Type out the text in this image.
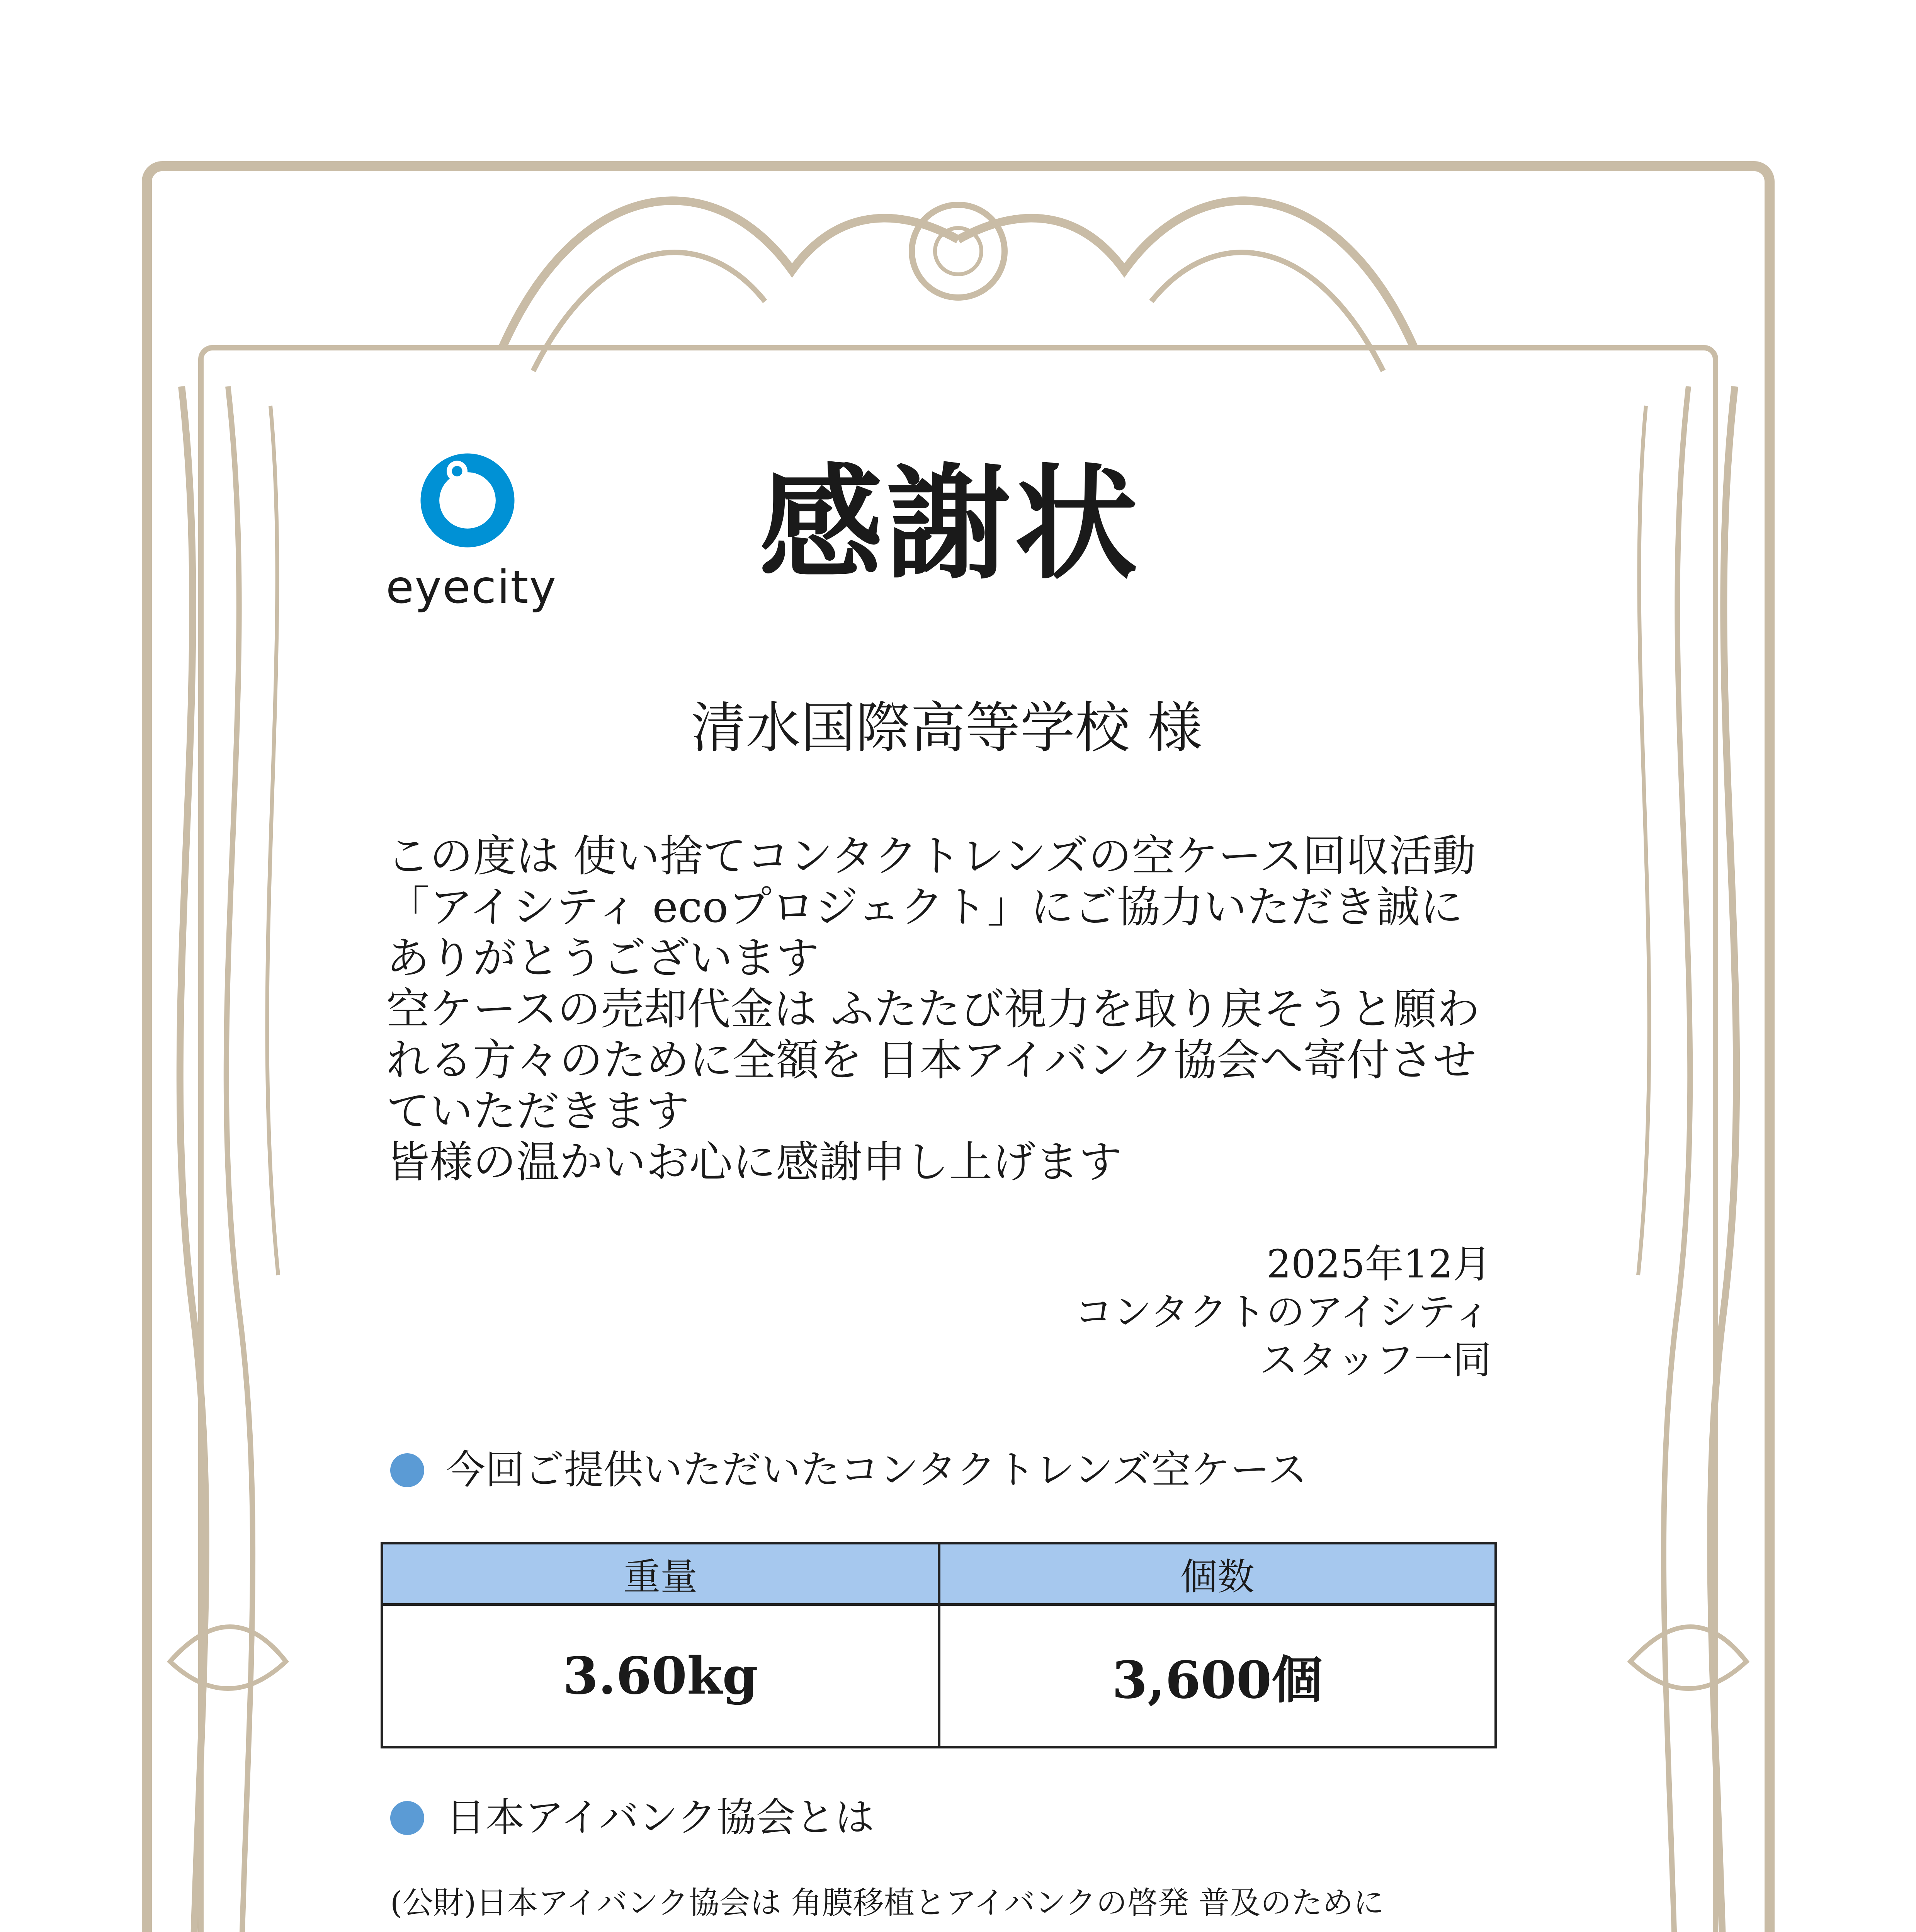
eyecity	感謝状
清水国際高等学校 様

この度は 使い捨てコンタクトレンズの空ケース回収活動

「アイシティ ecoプロジェクト」にご協力いただき誠に

ありがとうございます

空ケースの売却代金は ふたたび視力を取り戻そうと願わ

れる方々のために全額を 日本アイバンク協会へ寄付させ

ていただきます

皆様の温かいお心に感謝申し上げます

2025年12月

コンタクトのアイシティ

スタッフ一同

今回ご提供いただいたコンタクトレンズ空ケース
重量	個数
3.60kg	3,600個
日本アイバンク協会とは

(公財)日本アイバンク協会は 角膜移植とアイバンクの啓発 普及のために
